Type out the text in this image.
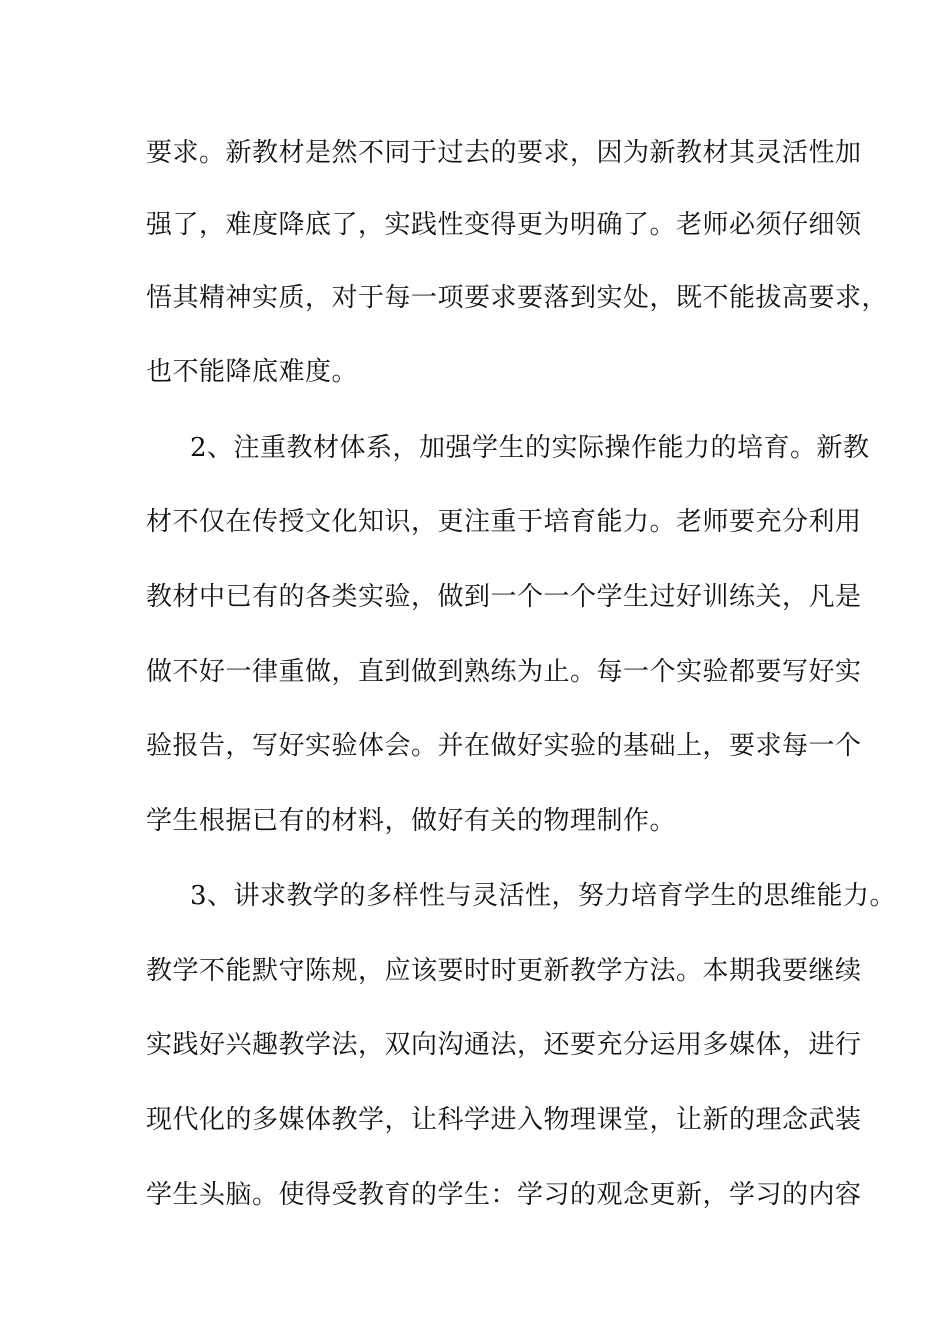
要求。新教材是然不同于过去的要求，因为新教材其灵活性加
强了，难度降底了，实践性变得更为明确了。老师必须仔细领
悟其精神实质，对于每一项要求要落到实处，既不能拔高要求，
也不能降底难度。
2、注重教材体系，加强学生的实际操作能力的培育。新教
材不仅在传授文化知识，更注重于培育能力。老师要充分利用
教材中已有的各类实验，做到一个一个学生过好训练关，凡是
做不好一律重做，直到做到熟练为止。每一个实验都要写好实
验报告，写好实验体会。并在做好实验的基础上，要求每一个
学生根据已有的材料，做好有关的物理制作。
3、讲求教学的多样性与灵活性，努力培育学生的思维能力。
教学不能默守陈规，应该要时时更新教学方法。本期我要继续
实践好兴趣教学法，双向沟通法，还要充分运用多媒体，进行
现代化的多媒体教学，让科学进入物理课堂，让新的理念武装
学生头脑。使得受教育的学生：学习的观念更新，学习的内容
